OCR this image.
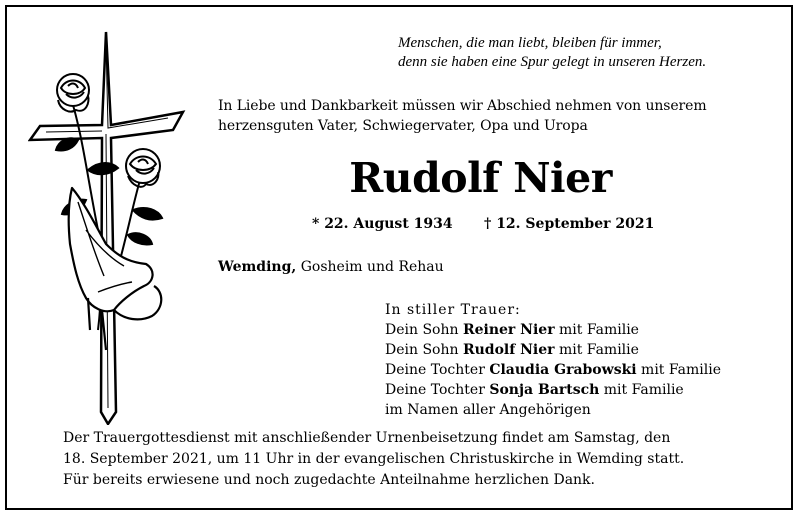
Menschen, die man liebt, bleiben für immer,
denn sie haben eine Spur gelegt in unseren Herzen.
In Liebe und Dankbarkeit müssen wir Abschied nehmen von unserem
herzensguten Vater, Schwiegervater, Opa und Uropa
Rudolf Nier
* 22. August 1934 † 12. September 2021
Wemding, Gosheim und Rehau
In stiller Trauer:
Dein Sohn Reiner Nier mit Familie
Dein Sohn Rudolf Nier mit Familie
Deine Tochter Claudia Grabowski mit Familie
Deine Tochter Sonja Bartsch mit Familie
im Namen aller Angehörigen
Der Trauergottesdienst mit anschließender Urnenbeisetzung findet am Samstag, den
18. September 2021, um 11 Uhr in der evangelischen Christuskirche in Wemding statt.
Für bereits erwiesene und noch zugedachte Anteilnahme herzlichen Dank.
